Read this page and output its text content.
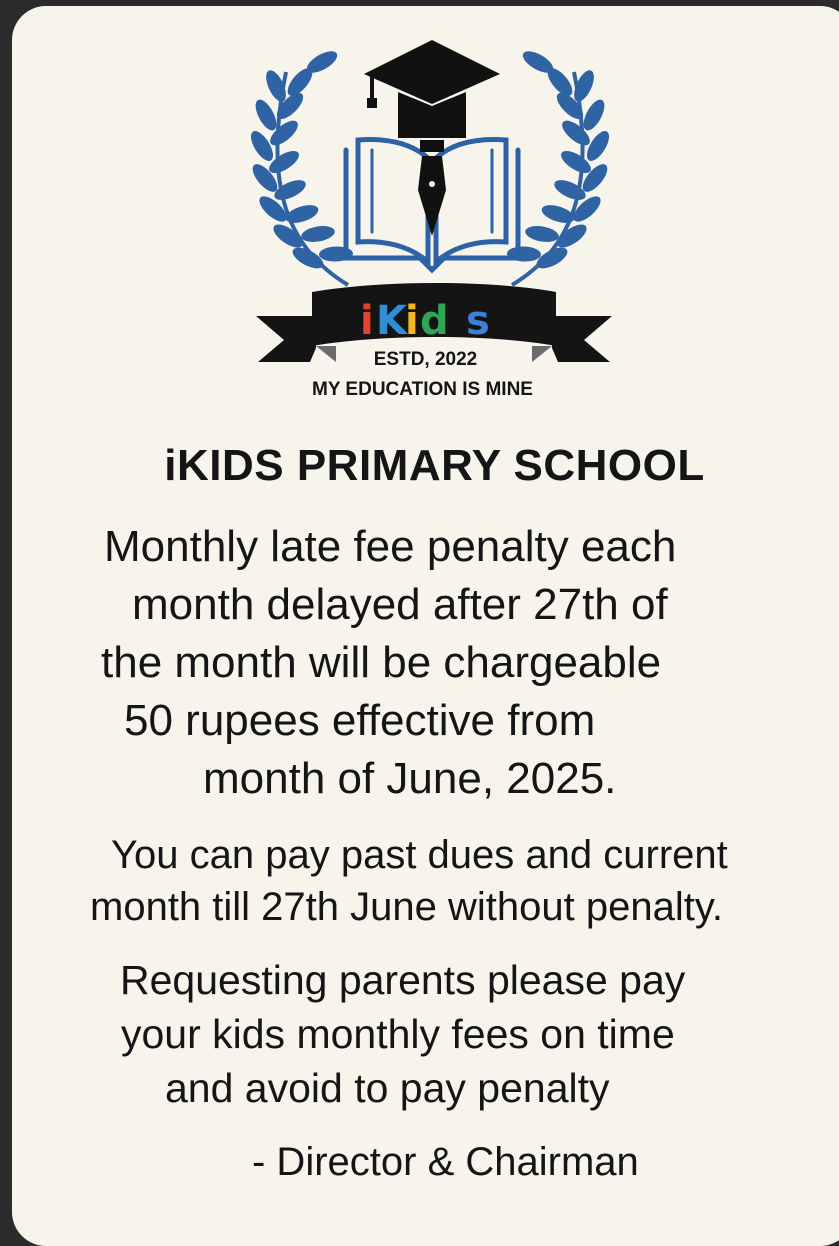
i K
i d s
ESTD, 2022
MY EDUCATION IS MINE
iKIDS PRIMARY SCHOOL
Monthly late fee penalty each
month delayed after 27th of
the month will be chargeable
50 rupees effective from
month of June, 2025.
You can pay past dues and current
month till 27th June without penalty.
Requesting parents please pay
your kids monthly fees on time
and avoid to pay penalty
- Director & Chairman
